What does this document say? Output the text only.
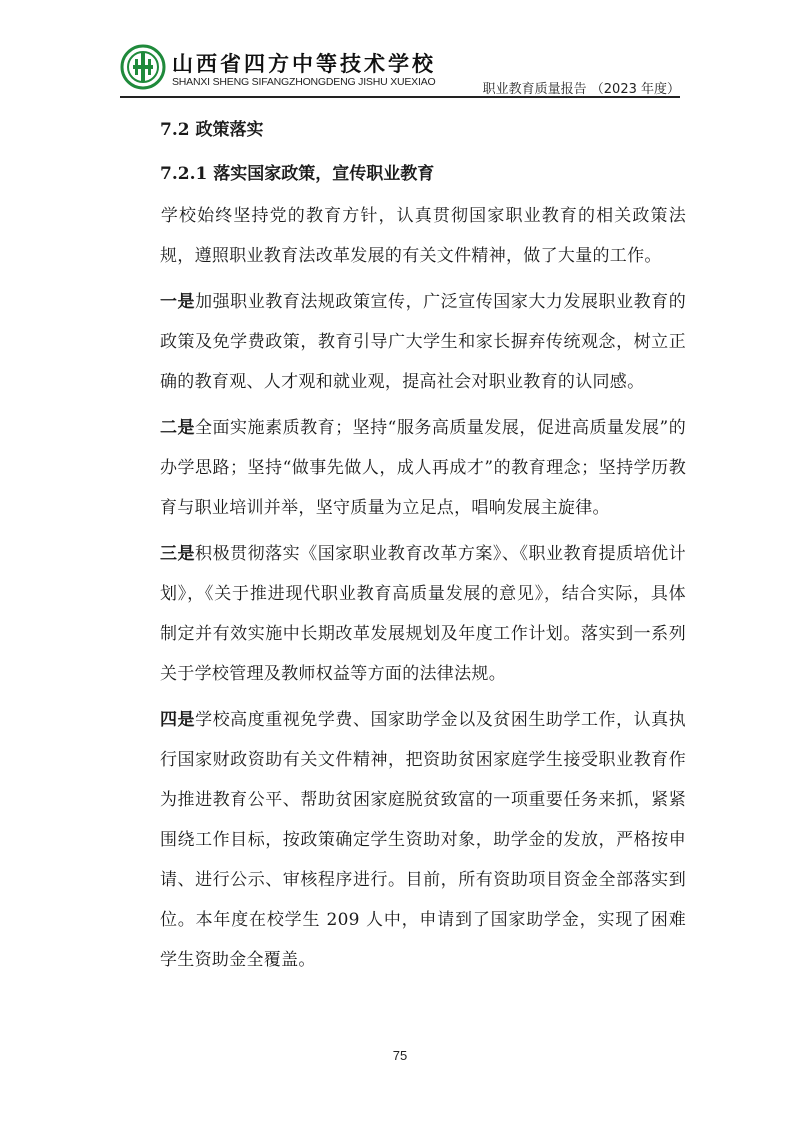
山西省四方中等技术学校
SHANXI SHENG SIFANGZHONGDENG JISHU XUEXIAO	职业教育质量报告 （2023 年度）
7.2 政策落实
7.2.1 落实国家政策，宣传职业教育

学校始终坚持党的教育方针，认真贯彻国家职业教育的相关政策法规，遵照职业教育法改革发展的有关文件精神，做了大量的工作。

一是加强职业教育法规政策宣传，广泛宣传国家大力发展职业教育的政策及免学费政策，教育引导广大学生和家长摒弃传统观念，树立正确的教育观、人才观和就业观，提高社会对职业教育的认同感。

二是全面实施素质教育；坚持“服务高质量发展，促进高质量发展”的办学思路；坚持“做事先做人，成人再成才”的教育理念；坚持学历教育与职业培训并举，坚守质量为立足点，唱响发展主旋律。

三是积极贯彻落实《国家职业教育改革方案》、《职业教育提质培优计划》，《关于推进现代职业教育高质量发展的意见》，结合实际，具体制定并有效实施中长期改革发展规划及年度工作计划。落实到一系列关于学校管理及教师权益等方面的法律法规。

四是学校高度重视免学费、国家助学金以及贫困生助学工作，认真执行国家财政资助有关文件精神，把资助贫困家庭学生接受职业教育作为推进教育公平、帮助贫困家庭脱贫致富的一项重要任务来抓，紧紧围绕工作目标，按政策确定学生资助对象，助学金的发放，严格按申请、进行公示、审核程序进行。目前，所有资助项目资金全部落实到位。本年度在校学生 209 人中，申请到了国家助学金，实现了困难学生资助金全覆盖。

75
